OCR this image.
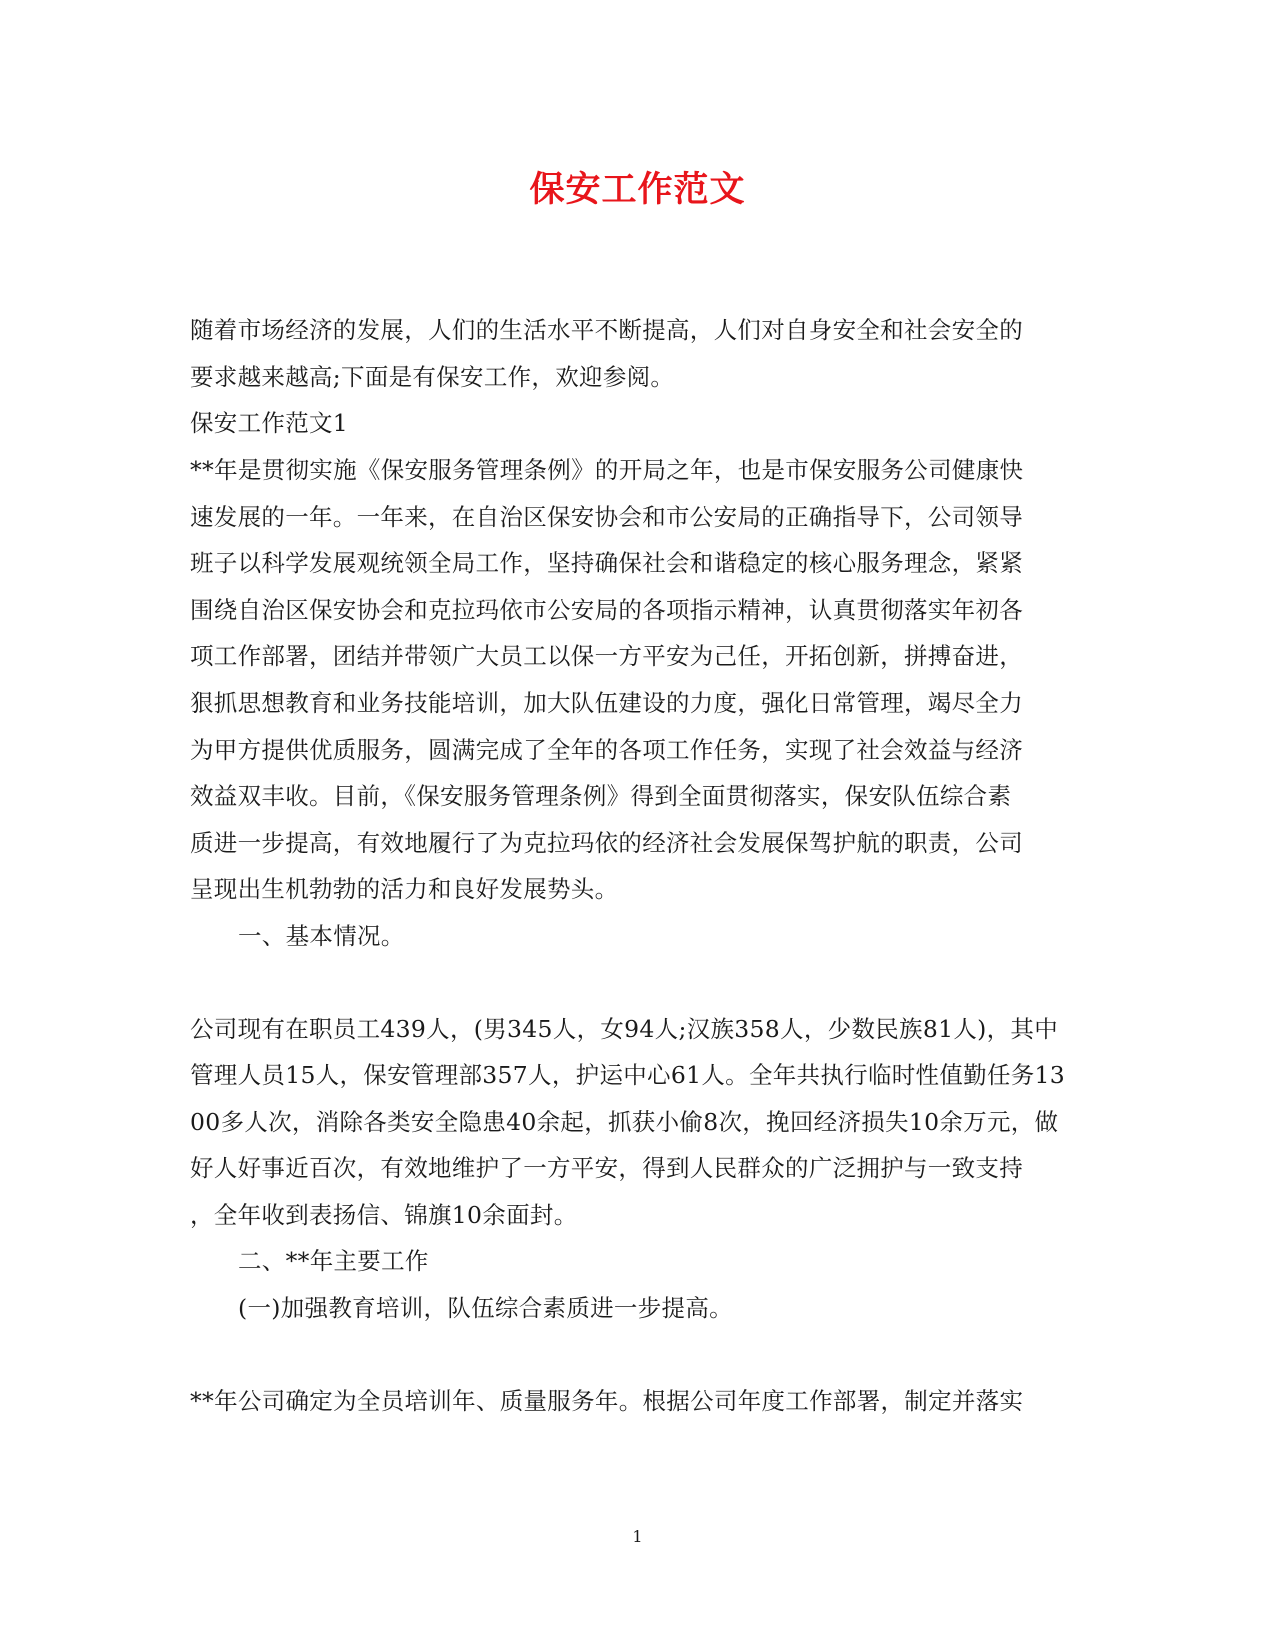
保安工作范文
随着市场经济的发展，人们的生活水平不断提高，人们对自身安全和社会安全的
要求越来越高;下面是有保安工作，欢迎参阅。
保安工作范文1
**年是贯彻实施《保安服务管理条例》的开局之年，也是市保安服务公司健康快
速发展的一年。一年来，在自治区保安协会和市公安局的正确指导下，公司领导
班子以科学发展观统领全局工作，坚持确保社会和谐稳定的核心服务理念，紧紧
围绕自治区保安协会和克拉玛依市公安局的各项指示精神，认真贯彻落实年初各
项工作部署，团结并带领广大员工以保一方平安为己任，开拓创新，拼搏奋进，
狠抓思想教育和业务技能培训，加大队伍建设的力度，强化日常管理，竭尽全力
为甲方提供优质服务，圆满完成了全年的各项工作任务，实现了社会效益与经济
效益双丰收。目前，《保安服务管理条例》得到全面贯彻落实，保安队伍综合素
质进一步提高，有效地履行了为克拉玛依的经济社会发展保驾护航的职责，公司
呈现出生机勃勃的活力和良好发展势头。
一、基本情况。
公司现有在职员工439人，(男345人，女94人;汉族358人，少数民族81人)，其中
管理人员15人，保安管理部357人，护运中心61人。全年共执行临时性值勤任务13
00多人次，消除各类安全隐患40余起，抓获小偷8次，挽回经济损失10余万元，做
好人好事近百次，有效地维护了一方平安，得到人民群众的广泛拥护与一致支持
，全年收到表扬信、锦旗10余面封。
二、**年主要工作
(一)加强教育培训，队伍综合素质进一步提高。
**年公司确定为全员培训年、质量服务年。根据公司年度工作部署，制定并落实
1
